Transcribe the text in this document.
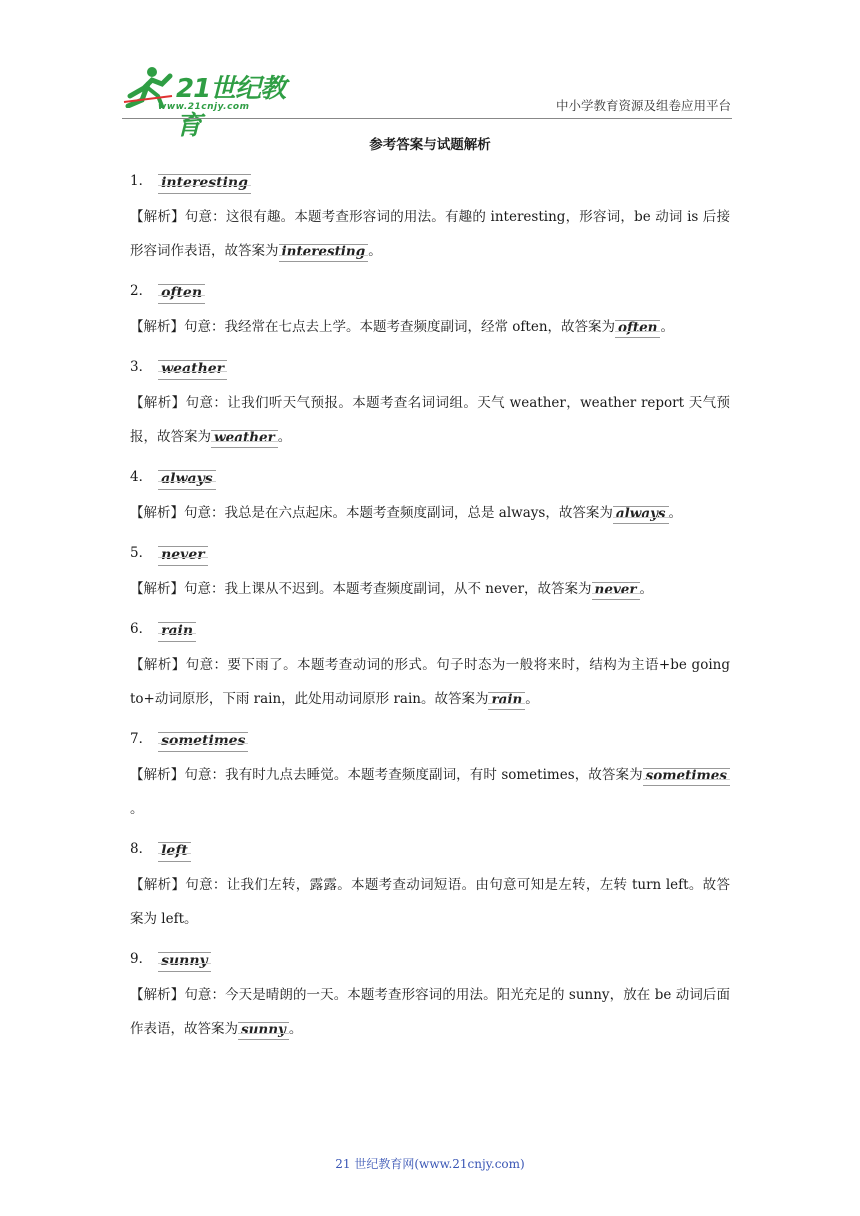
21世纪教育
www.21cnjy.com	中小学教育资源及组卷应用平台
参考答案与试题解析
1． interesting
【解析】句意：这很有趣。本题考查形容词的用法。有趣的 interesting，形容词，be 动词 is 后接形容词作表语，故答案为 interesting 。
2． often
【解析】句意：我经常在七点去上学。本题考查频度副词，经常 often，故答案为 often 。
3． weather
【解析】句意：让我们听天气预报。本题考查名词词组。天气 weather，weather report 天气预报，故答案为 weather 。
4． always
【解析】句意：我总是在六点起床。本题考查频度副词，总是 always，故答案为 always 。
5． never
【解析】句意：我上课从不迟到。本题考查频度副词，从不 never，故答案为 never 。
6． rain
【解析】句意：要下雨了。本题考查动词的形式。句子时态为一般将来时，结构为主语+be going to+动词原形，下雨 rain，此处用动词原形 rain。故答案为 rain 。
7． sometimes
【解析】句意：我有时九点去睡觉。本题考查频度副词，有时 sometimes，故答案为 sometimes。
8． left
【解析】句意：让我们左转，露露。本题考查动词短语。由句意可知是左转，左转 turn left。故答案为 left。
9． sunny
【解析】句意：今天是晴朗的一天。本题考查形容词的用法。阳光充足的 sunny，放在 be 动词后面作表语，故答案为 sunny 。
21 世纪教育网(www.21cnjy.com)
